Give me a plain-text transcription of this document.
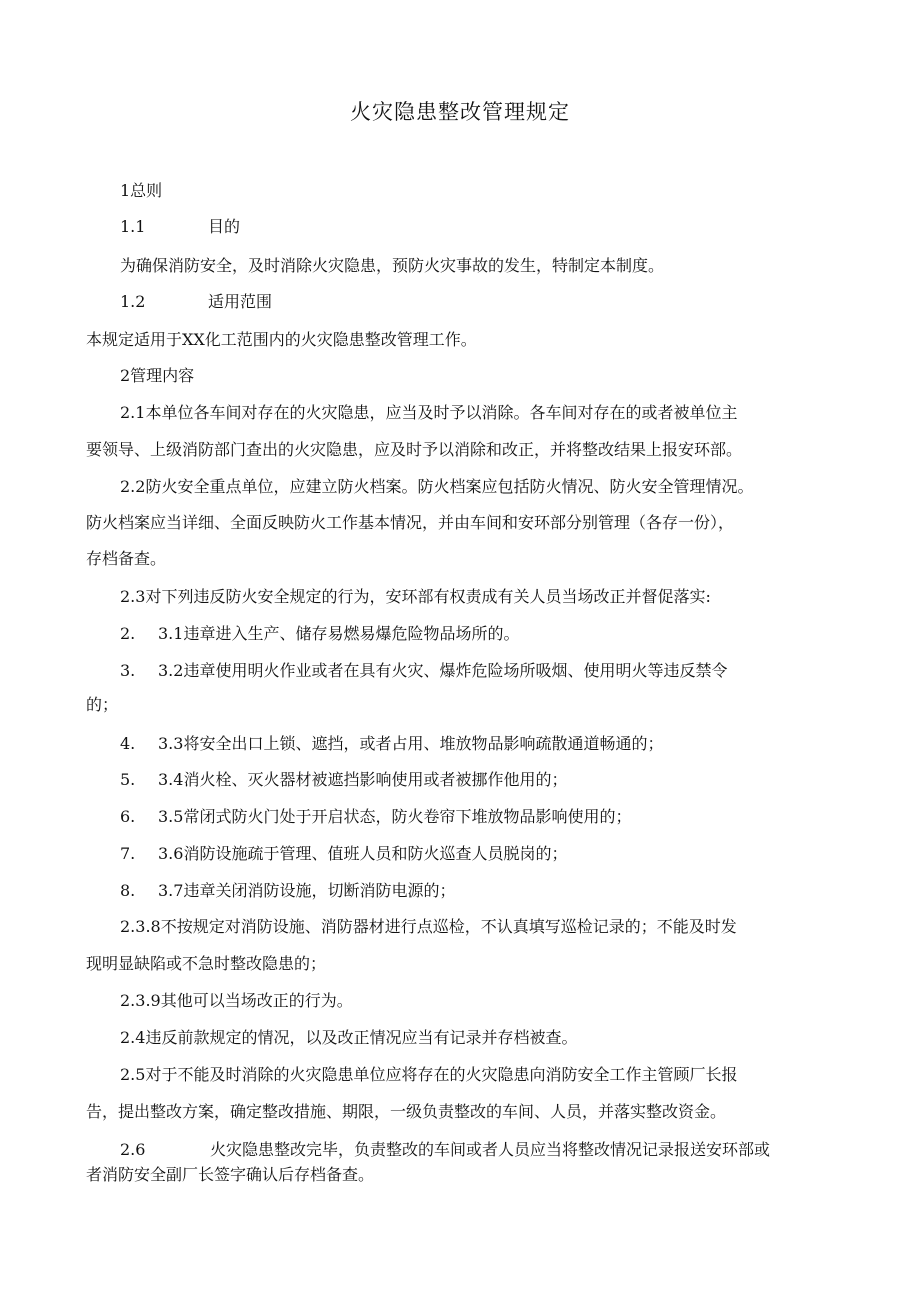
火灾隐患整改管理规定
1总则
1.1	目的
为确保消防安全，及时消除火灾隐患，预防火灾事故的发生，特制定本制度。
1.2	适用范围
本规定适用于XX化工范围内的火灾隐患整改管理工作。
2管理内容
2.1本单位各车间对存在的火灾隐患，应当及时予以消除。各车间对存在的或者被单位主
要领导、上级消防部门查出的火灾隐患，应及时予以消除和改正，并将整改结果上报安环部。
2.2防火安全重点单位，应建立防火档案。防火档案应包括防火情况、防火安全管理情况。
防火档案应当详细、全面反映防火工作基本情况，并由车间和安环部分别管理（各存一份），
存档备查。
2.3对下列违反防火安全规定的行为，安环部有权责成有关人员当场改正并督促落实:
2. 3.1违章进入生产、储存易燃易爆危险物品场所的。
3. 3.2违章使用明火作业或者在具有火灾、爆炸危险场所吸烟、使用明火等违反禁令
的；
4. 3.3将安全出口上锁、遮挡，或者占用、堆放物品影响疏散通道畅通的；
5. 3.4消火栓、灭火器材被遮挡影响使用或者被挪作他用的；
6. 3.5常闭式防火门处于开启状态，防火卷帘下堆放物品影响使用的；
7. 3.6消防设施疏于管理、值班人员和防火巡查人员脱岗的；
8. 3.7违章关闭消防设施，切断消防电源的；
2.3.8不按规定对消防设施、消防器材进行点巡检，不认真填写巡检记录的；不能及时发
现明显缺陷或不急时整改隐患的；
2.3.9其他可以当场改正的行为。
2.4违反前款规定的情况，以及改正情况应当有记录并存档被查。
2.5对于不能及时消除的火灾隐患单位应将存在的火灾隐患向消防安全工作主管顾厂长报
告，提出整改方案，确定整改措施、期限，一级负责整改的车间、人员，并落实整改资金。
2.6	火灾隐患整改完毕，负责整改的车间或者人员应当将整改情况记录报送安环部或
者消防安全副厂长签字确认后存档备查。
